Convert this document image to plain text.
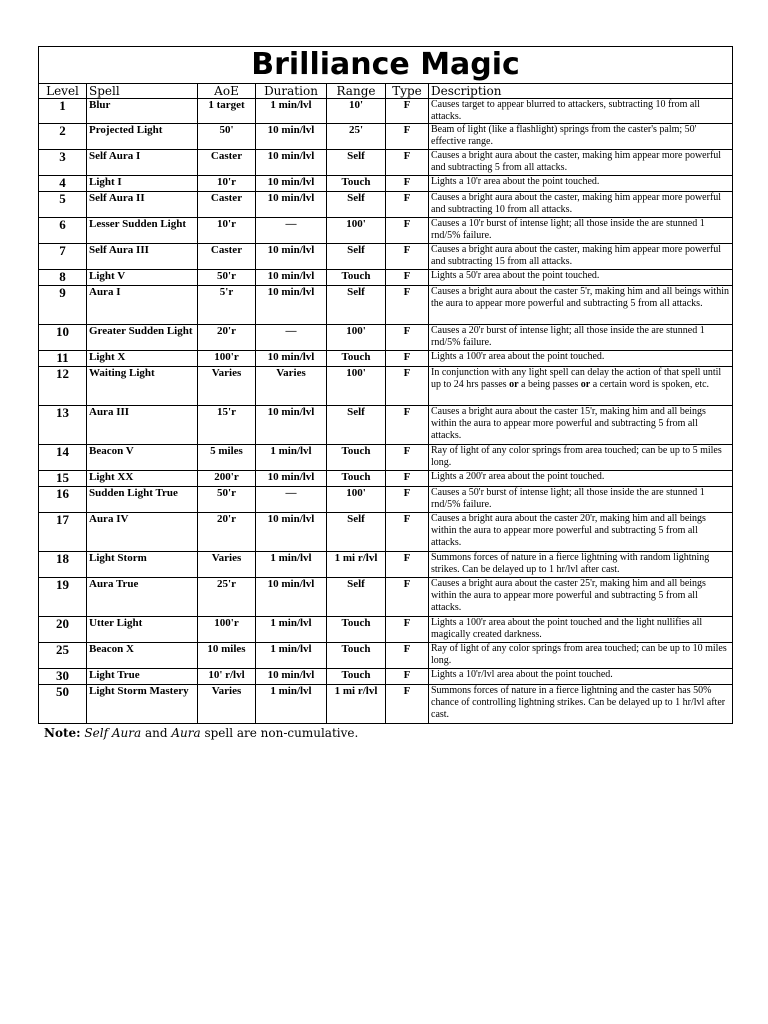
Brilliance Magic						
Level	Spell	AoE	Duration	Range	Type	Description
1	Blur	1 target	1 min/lvl	10'	F	Causes target to appear blurred to attackers, subtracting 10 from all attacks.
2	Projected Light	50'	10 min/lvl	25'	F	Beam of light (like a flashlight) springs from the caster's palm; 50' effective range.
3	Self Aura I	Caster	10 min/lvl	Self	F	Causes a bright aura about the caster, making him appear more powerful and subtracting 5 from all attacks.
4	Light I	10'r	10 min/lvl	Touch	F	Lights a 10'r area about the point touched.
5	Self Aura II	Caster	10 min/lvl	Self	F	Causes a bright aura about the caster, making him appear more powerful and subtracting 10 from all attacks.
6	Lesser Sudden Light	10'r	—	100'	F	Causes a 10'r burst of intense light; all those inside the are stunned 1 rnd/5% failure.
7	Self Aura III	Caster	10 min/lvl	Self	F	Causes a bright aura about the caster, making him appear more powerful and subtracting 15 from all attacks.
8	Light V	50'r	10 min/lvl	Touch	F	Lights a 50'r area about the point touched.
9	Aura I	5'r	10 min/lvl	Self	F	Causes a bright aura about the caster 5'r, making him and all beings within the aura to appear more powerful and subtracting 5 from all attacks.
10	Greater Sudden Light	20'r	—	100'	F	Causes a 20'r burst of intense light; all those inside the are stunned 1 rnd/5% failure.
11	Light X	100'r	10 min/lvl	Touch	F	Lights a 100'r area about the point touched.
12	Waiting Light	Varies	Varies	100'	F	In conjunction with any light spell can delay the action of that spell until up to 24 hrs passes or a being passes or a certain word is spoken, etc.
13	Aura III	15'r	10 min/lvl	Self	F	Causes a bright aura about the caster 15'r, making him and all beings within the aura to appear more powerful and subtracting 5 from all attacks.
14	Beacon V	5 miles	1 min/lvl	Touch	F	Ray of light of any color springs from area touched; can be up to 5 miles long.
15	Light XX	200'r	10 min/lvl	Touch	F	Lights a 200'r area about the point touched.
16	Sudden Light True	50'r	—	100'	F	Causes a 50'r burst of intense light; all those inside the are stunned 1 rnd/5% failure.
17	Aura IV	20'r	10 min/lvl	Self	F	Causes a bright aura about the caster 20'r, making him and all beings within the aura to appear more powerful and subtracting 5 from all attacks.
18	Light Storm	Varies	1 min/lvl	1 mi r/lvl	F	Summons forces of nature in a fierce lightning with random lightning strikes. Can be delayed up to 1 hr/lvl after cast.
19	Aura True	25'r	10 min/lvl	Self	F	Causes a bright aura about the caster 25'r, making him and all beings within the aura to appear more powerful and subtracting 5 from all attacks.
20	Utter Light	100'r	1 min/lvl	Touch	F	Lights a 100'r area about the point touched and the light nullifies all magically created darkness.
25	Beacon X	10 miles	1 min/lvl	Touch	F	Ray of light of any color springs from area touched; can be up to 10 miles long.
30	Light True	10' r/lvl	10 min/lvl	Touch	F	Lights a 10'r/lvl area about the point touched.
50	Light Storm Mastery	Varies	1 min/lvl	1 mi r/lvl	F	Summons forces of nature in a fierce lightning and the caster has 50% chance of controlling lightning strikes. Can be delayed up to 1 hr/lvl after cast.
Note: Self Aura and Aura spell are non-cumulative.
